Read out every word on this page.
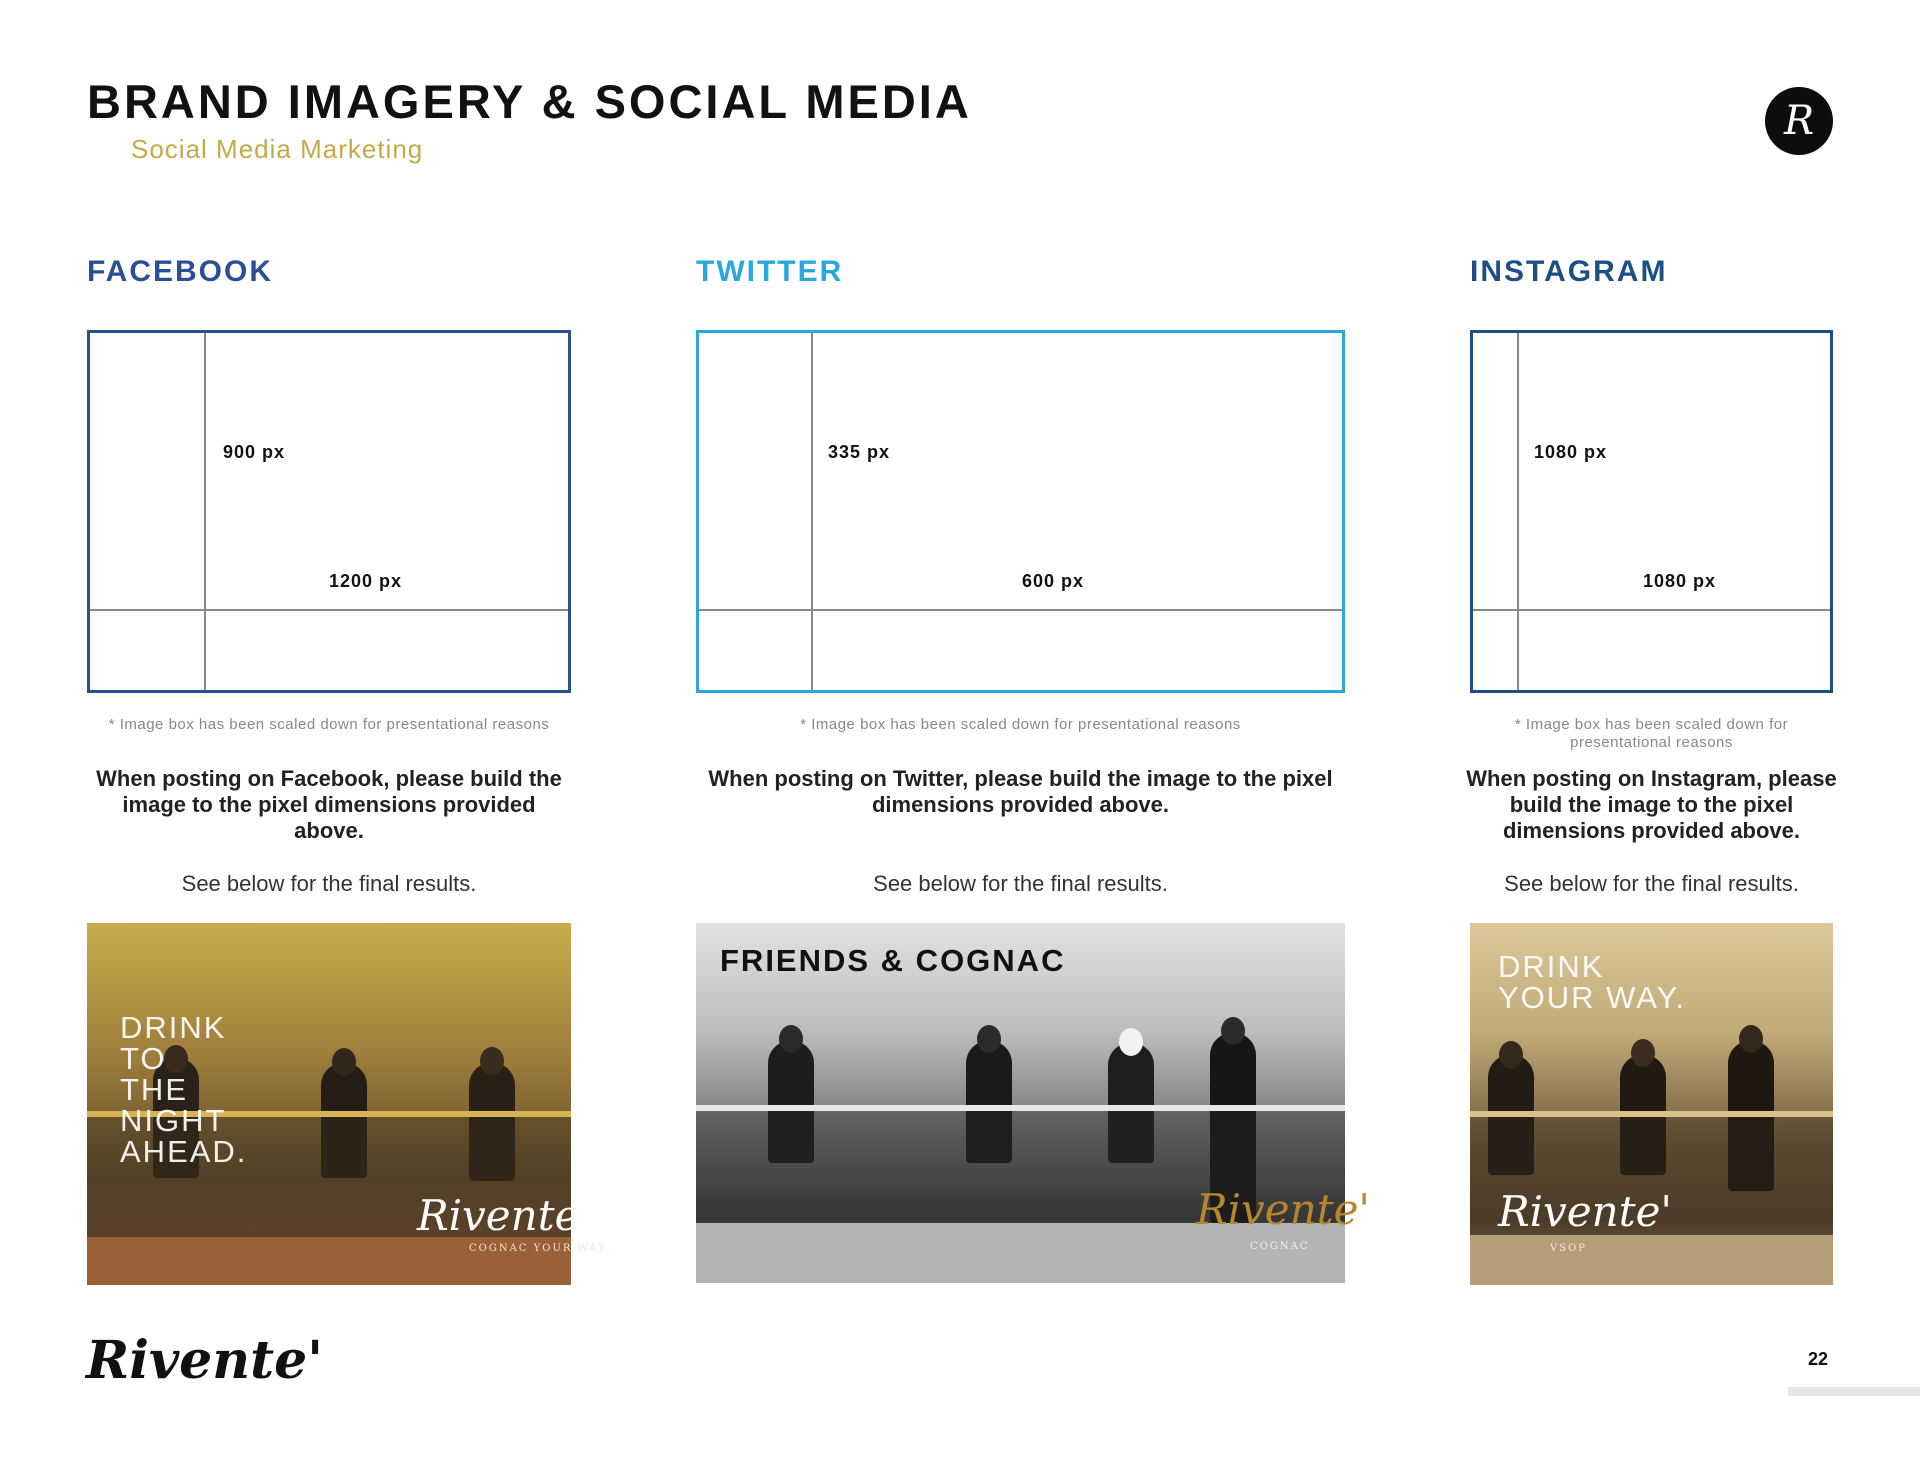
BRAND IMAGERY & SOCIAL MEDIA
Social Media Marketing
R
FACEBOOK
900 px
1200 px
* Image box has been scaled down for presentational reasons
When posting on Facebook, please build the image to the pixel dimensions provided above.
See below for the final results.
DRINK
TO
THE
NIGHT
AHEAD.
Rivente'
COGNAC YOUR WAY
TWITTER
335 px
600 px
* Image box has been scaled down for presentational reasons
When posting on Twitter, please build the image to the pixel dimensions provided above.
See below for the final results.
FRIENDS & COGNAC
Rivente'
COGNAC
INSTAGRAM
1080 px
1080 px
* Image box has been scaled down for presentational reasons
When posting on Instagram, please build the image to the pixel dimensions provided above.
See below for the final results.
DRINK
YOUR WAY.
Rivente'
VSOP
Rivente'	22
